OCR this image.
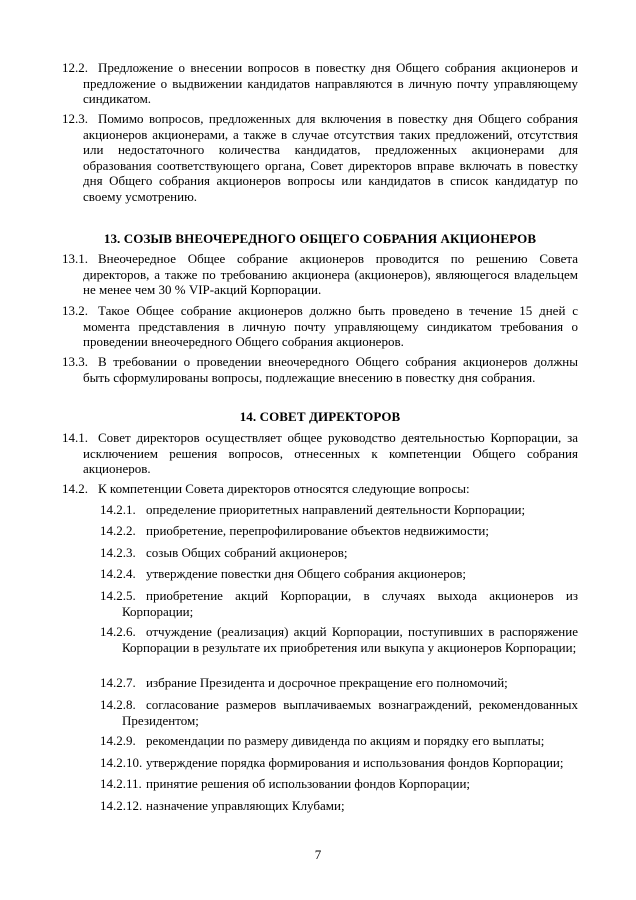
12.2. Предложение о внесении вопросов в повестку дня Общего собрания акционеров и предложение о выдвижении кандидатов направляются в личную почту управляющему синдикатом.
12.3. Помимо вопросов, предложенных для включения в повестку дня Общего собрания акционеров акционерами, а также в случае отсутствия таких предложений, отсутствия или недостаточного количества кандидатов, предложенных акционерами для образования соответствующего органа, Совет директоров вправе включать в повестку дня Общего собрания акционеров вопросы или кандидатов в список кандидатур по своему усмотрению.
13. СОЗЫВ ВНЕОЧЕРЕДНОГО ОБЩЕГО СОБРАНИЯ АКЦИОНЕРОВ
13.1. Внеочередное Общее собрание акционеров проводится по решению Совета директоров, а также по требованию акционера (акционеров), являющегося владельцем не менее чем 30 % VIP-акций Корпорации.
13.2. Такое Общее собрание акционеров должно быть проведено в течение 15 дней с момента представления в личную почту управляющему синдикатом требования о проведении внеочередного Общего собрания акционеров.
13.3. В требовании о проведении внеочередного Общего собрания акционеров должны быть сформулированы вопросы, подлежащие внесению в повестку дня собрания.
14. СОВЕТ ДИРЕКТОРОВ
14.1. Совет директоров осуществляет общее руководство деятельностью Корпорации, за исключением решения вопросов, отнесенных к компетенции Общего собрания акционеров.
14.2. К компетенции Совета директоров относятся следующие вопросы:
14.2.1. определение приоритетных направлений деятельности Корпорации;
14.2.2. приобретение, перепрофилирование объектов недвижимости;
14.2.3. созыв Общих собраний акционеров;
14.2.4. утверждение повестки дня Общего собрания акционеров;
14.2.5. приобретение акций Корпорации, в случаях выхода акционеров из Корпорации;
14.2.6. отчуждение (реализация) акций Корпорации, поступивших в распоряжение Корпорации в результате их приобретения или выкупа у акционеров Корпорации;
14.2.7. избрание Президента и досрочное прекращение его полномочий;
14.2.8. согласование размеров выплачиваемых вознаграждений, рекомендованных Президентом;
14.2.9. рекомендации по размеру дивиденда по акциям и порядку его выплаты;
14.2.10. утверждение порядка формирования и использования фондов Корпорации;
14.2.11. принятие решения об использовании фондов Корпорации;
14.2.12. назначение управляющих Клубами;
7
